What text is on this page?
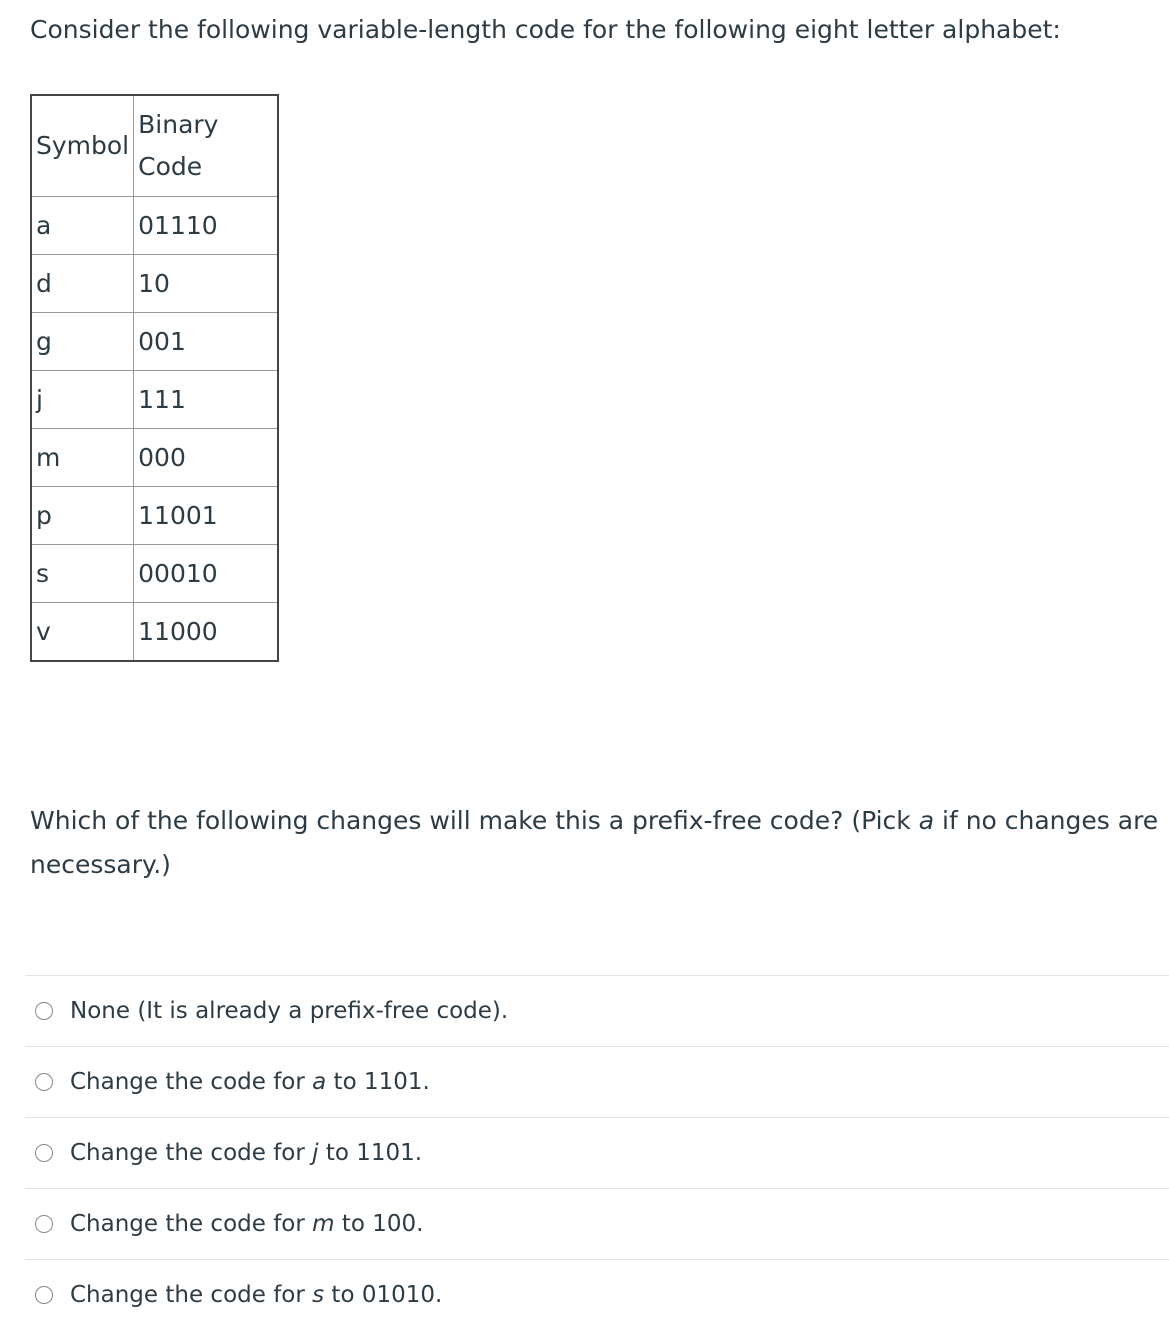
Consider the following variable-length code for the following eight letter alphabet:

Symbol	Binary Code
a	01110
d	10
g	001
j	111
m	000
p	11001
s	00010
v	11000

Which of the following changes will make this a prefix-free code? (Pick a if no changes are necessary.)

None (It is already a prefix-free code).
Change the code for a to 1101.
Change the code for j to 1101.
Change the code for m to 100.
Change the code for s to 01010.
